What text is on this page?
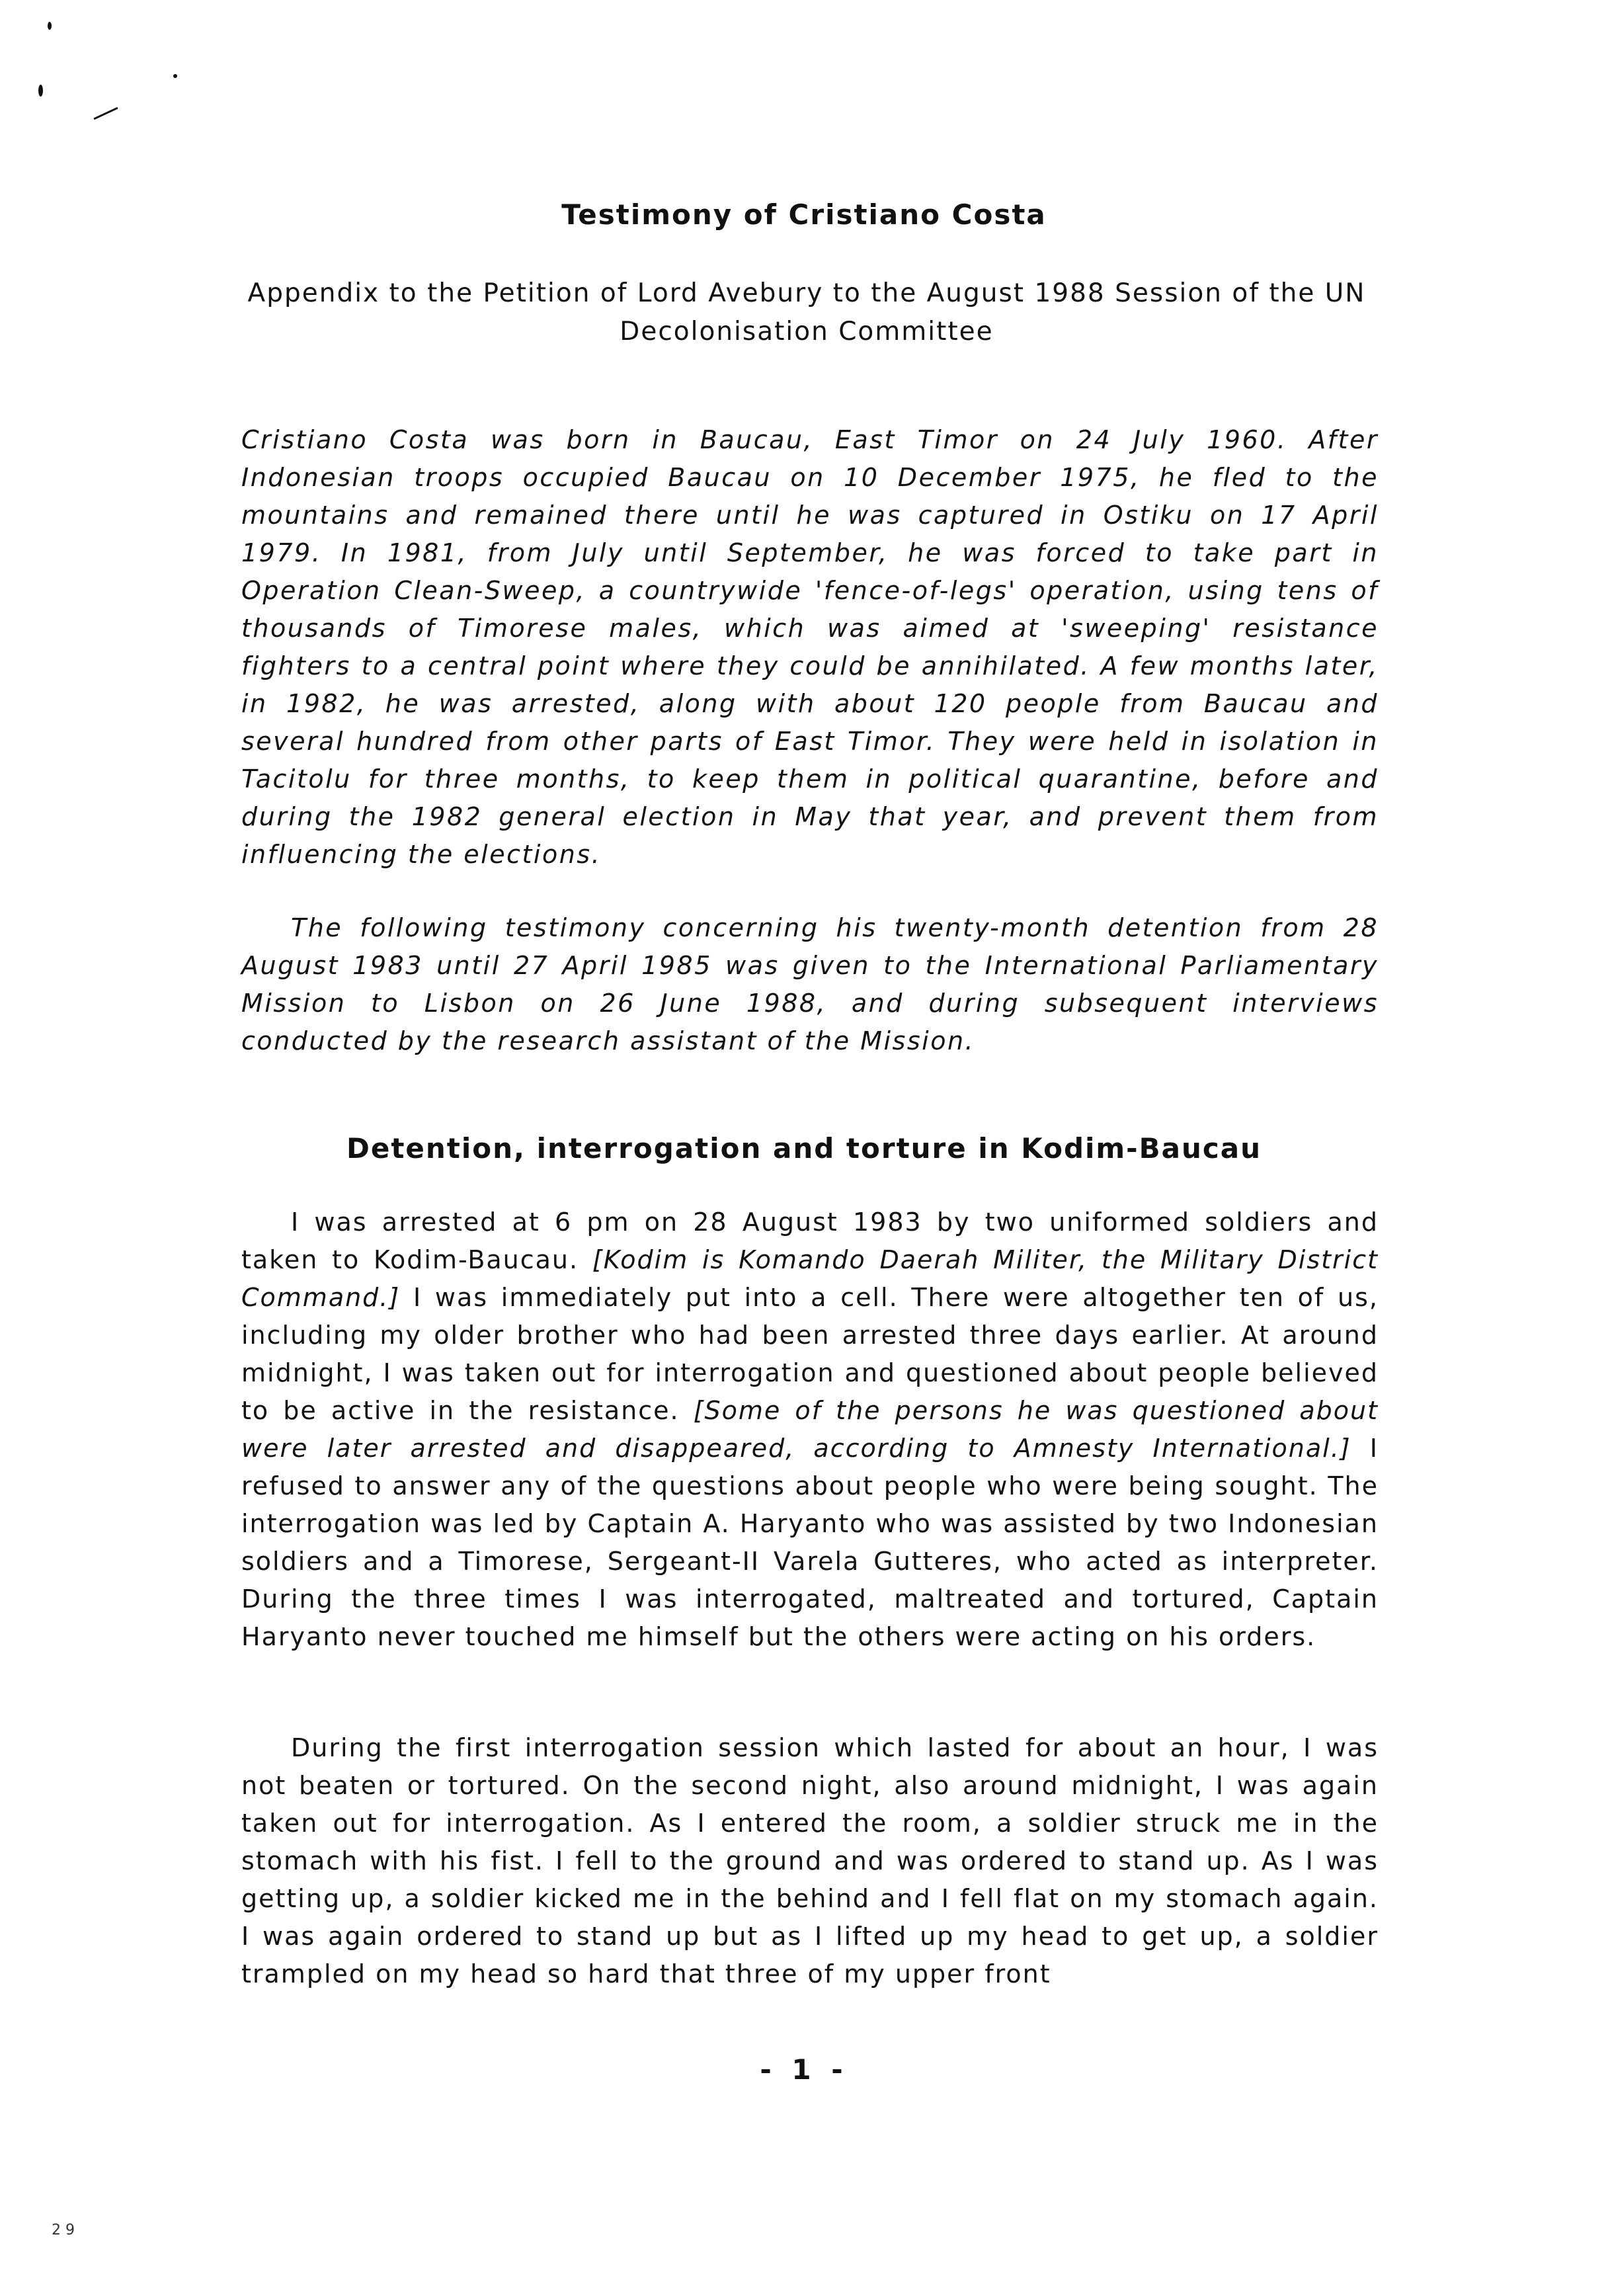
Testimony of Cristiano Costa
Appendix to the Petition of Lord Avebury to the August 1988 Session of the UN Decolonisation Committee
Cristiano Costa was born in Baucau, East Timor on 24 July 1960. After Indonesian troops occupied Baucau on 10 December 1975, he fled to the mountains and remained there until he was captured in Ostiku on 17 April 1979. In 1981, from July until September, he was forced to take part in Operation Clean-Sweep, a countrywide 'fence-of-legs' operation, using tens of thousands of Timorese males, which was aimed at 'sweeping' resistance fighters to a central point where they could be annihilated. A few months later, in 1982, he was arrested, along with about 120 people from Baucau and several hundred from other parts of East Timor. They were held in isolation in Tacitolu for three months, to keep them in political quarantine, before and during the 1982 general election in May that year, and prevent them from influencing the elections.
The following testimony concerning his twenty-month detention from 28 August 1983 until 27 April 1985 was given to the International Parliamentary Mission to Lisbon on 26 June 1988, and during subsequent interviews conducted by the research assistant of the Mission.
Detention, interrogation and torture in Kodim-Baucau
I was arrested at 6 pm on 28 August 1983 by two uniformed soldiers and taken to Kodim-Baucau. [Kodim is Komando Daerah Militer, the Military District Command.] I was immediately put into a cell. There were altogether ten of us, including my older brother who had been arrested three days earlier. At around midnight, I was taken out for interrogation and questioned about people believed to be active in the resistance. [Some of the persons he was questioned about were later arrested and disappeared, according to Amnesty International.] I refused to answer any of the questions about people who were being sought. The interrogation was led by Captain A. Haryanto who was assisted by two Indonesian soldiers and a Timorese, Sergeant-II Varela Gutteres, who acted as interpreter. During the three times I was interrogated, maltreated and tortured, Captain Haryanto never touched me himself but the others were acting on his orders.
During the first interrogation session which lasted for about an hour, I was not beaten or tortured. On the second night, also around midnight, I was again taken out for interrogation. As I entered the room, a soldier struck me in the stomach with his fist. I fell to the ground and was ordered to stand up. As I was getting up, a soldier kicked me in the behind and I fell flat on my stomach again. I was again ordered to stand up but as I lifted up my head to get up, a soldier trampled on my head so hard that three of my upper front
- 1 -
2 9
